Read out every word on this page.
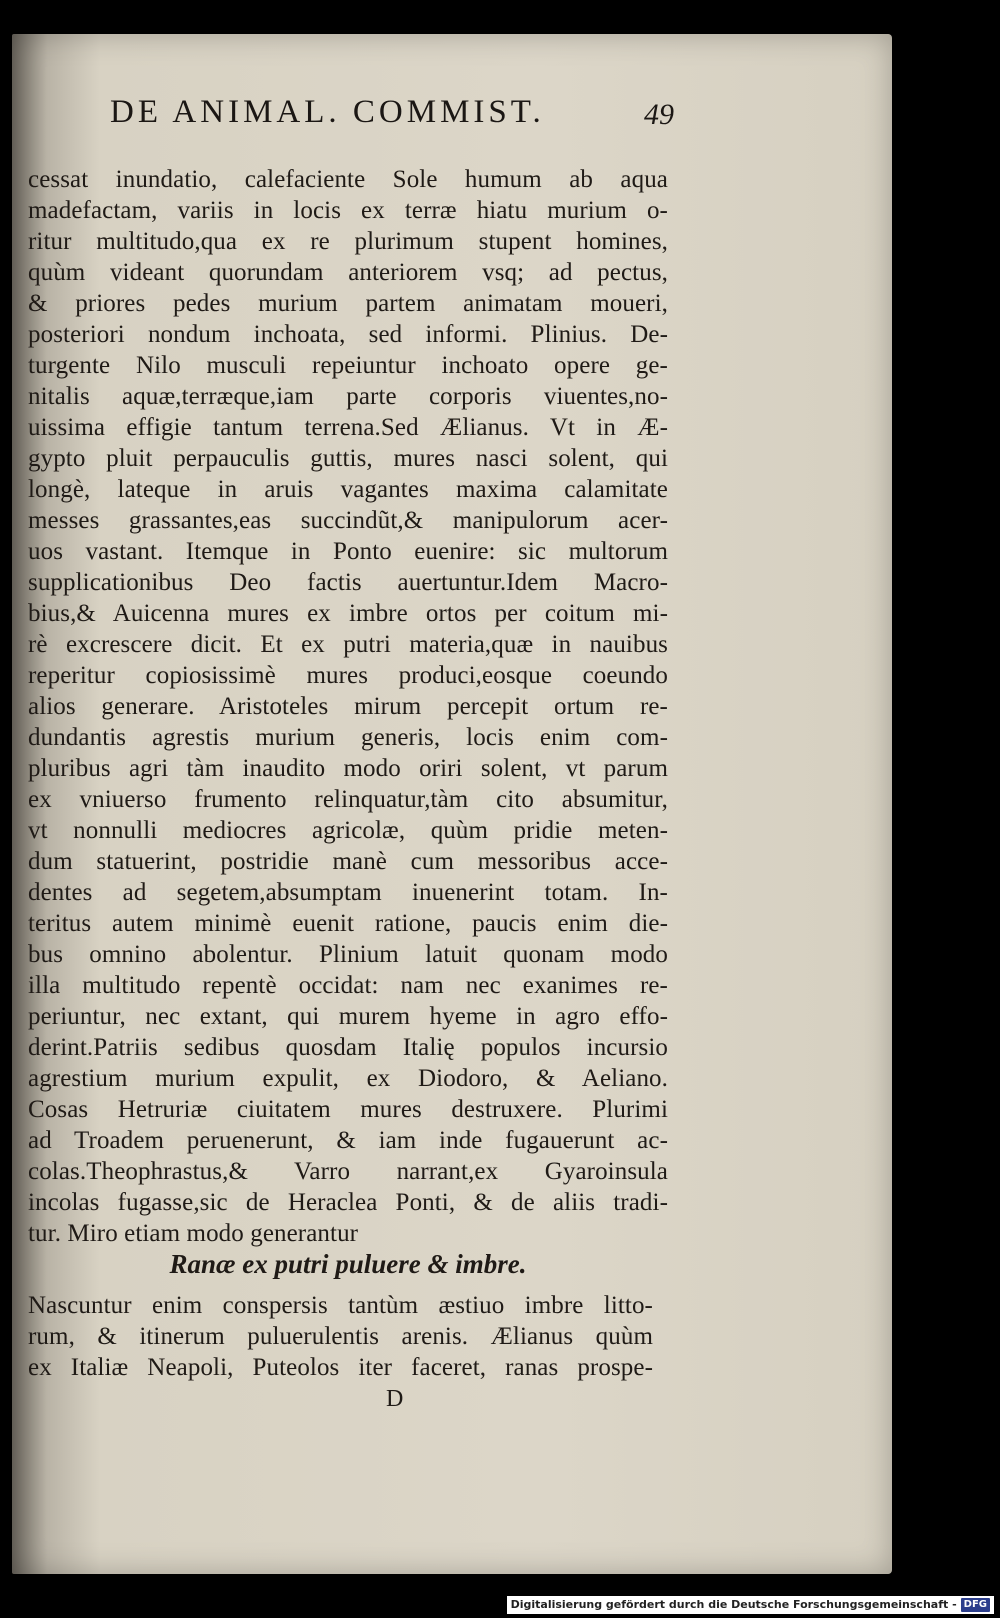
DE ANIMAL. COMMIST.	49
cessat inundatio, calefaciente Sole humum ab aqua
madefactam, variis in locis ex terræ hiatu murium o-
ritur multitudo,qua ex re plurimum stupent homines,
quùm videant quorundam anteriorem vsq; ad pectus,
& priores pedes murium partem animatam moueri,
posteriori nondum inchoata, sed informi. Plinius. De-
turgente Nilo musculi repeiuntur inchoato opere ge-
nitalis aquæ,terræque,iam parte corporis viuentes,no-
uissima effigie tantum terrena.Sed Ælianus. Vt in Æ-
gypto pluit perpauculis guttis, mures nasci solent, qui
longè, lateque in aruis vagantes maxima calamitate
messes grassantes,eas succindũt,& manipulorum acer-
uos vastant. Itemque in Ponto euenire: sic multorum
supplicationibus Deo factis auertuntur.Idem Macro-
bius,& Auicenna mures ex imbre ortos per coitum mi-
rè excrescere dicit. Et ex putri materia,quæ in nauibus
reperitur copiosissimè mures produci,eosque coeundo
alios generare. Aristoteles mirum percepit ortum re-
dundantis agrestis murium generis, locis enim com-
pluribus agri tàm inaudito modo oriri solent, vt parum
ex vniuerso frumento relinquatur,tàm cito absumitur,
vt nonnulli mediocres agricolæ, quùm pridie meten-
dum statuerint, postridie manè cum messoribus acce-
dentes ad segetem,absumptam inuenerint totam. In-
teritus autem minimè euenit ratione, paucis enim die-
bus omnino abolentur. Plinium latuit quonam modo
illa multitudo repentè occidat: nam nec exanimes re-
periuntur, nec extant, qui murem hyeme in agro effo-
derint.Patriis sedibus quosdam Italię populos incursio
agrestium murium expulit, ex Diodoro, & Aeliano.
Cosas Hetruriæ ciuitatem mures destruxere. Plurimi
ad Troadem peruenerunt, & iam inde fugauerunt ac-
colas.Theophrastus,& Varro narrant,ex Gyaroinsula
incolas fugasse,sic de Heraclea Ponti, & de aliis tradi-
tur. Miro etiam modo generantur
Ranæ ex putri puluere & imbre.
Nascuntur enim conspersis tantùm æstiuo imbre litto-
rum, & itinerum puluerulentis arenis. Ælianus quùm
ex Italiæ Neapoli, Puteolos iter faceret, ranas prospe-
D
Digitalisierung gefördert durch die Deutsche Forschungsgemeinschaft - DFG
